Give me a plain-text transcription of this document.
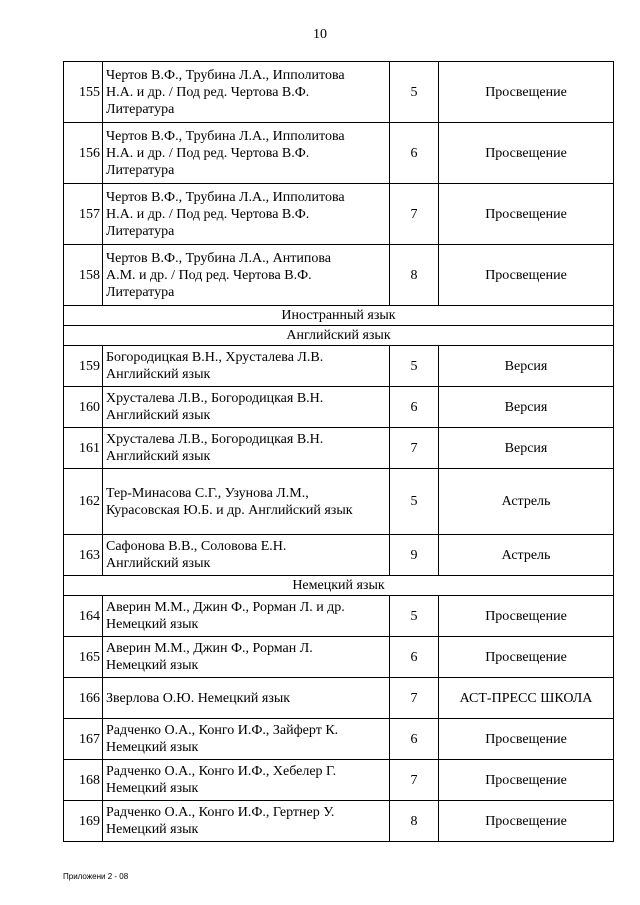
10
155	Чертов В.Ф., Трубина Л.А., Ипполитова
Н.А. и др. / Под ред. Чертова В.Ф.
Литература	5	Просвещение
156	Чертов В.Ф., Трубина Л.А., Ипполитова
Н.А. и др. / Под ред. Чертова В.Ф.
Литература	6	Просвещение
157	Чертов В.Ф., Трубина Л.А., Ипполитова
Н.А. и др. / Под ред. Чертова В.Ф.
Литература	7	Просвещение
158	Чертов В.Ф., Трубина Л.А., Антипова
А.М. и др. / Под ред. Чертова В.Ф.
Литература	8	Просвещение
Иностранный язык			
Английский язык			
159	Богородицкая В.Н., Хрусталева Л.В.
Английский язык	5	Версия
160	Хрусталева Л.В., Богородицкая В.Н.
Английский язык	6	Версия
161	Хрусталева Л.В., Богородицкая В.Н.
Английский язык	7	Версия
162	Тер-Минасова С.Г., Узунова Л.М.,
Курасовская Ю.Б. и др. Английский язык	5	Астрель
163	Сафонова В.В., Соловова Е.Н.
Английский язык	9	Астрель
Немецкий язык			
164	Аверин М.М., Джин Ф., Рорман Л. и др.
Немецкий язык	5	Просвещение
165	Аверин М.М., Джин Ф., Рорман Л.
Немецкий язык	6	Просвещение
166	Зверлова О.Ю. Немецкий язык	7	АСТ-ПРЕСС ШКОЛА
167	Радченко О.А., Конго И.Ф., Зайферт К.
Немецкий язык	6	Просвещение
168	Радченко О.А., Конго И.Ф., Хебелер Г.
Немецкий язык	7	Просвещение
169	Радченко О.А., Конго И.Ф., Гертнер У.
Немецкий язык	8	Просвещение
Приложени 2 - 08
